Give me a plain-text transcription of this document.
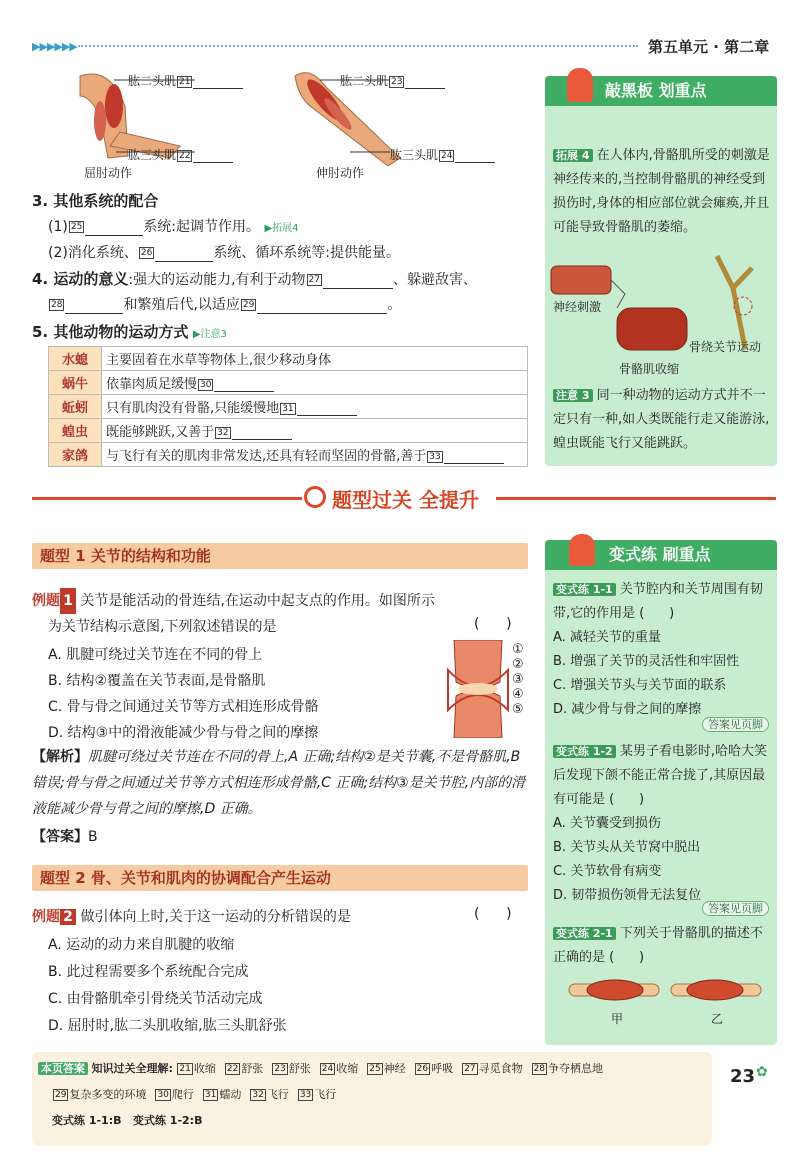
▶▶▶▶▶▶	第五单元 · 第二章
肱二头肌 21
肱三头肌 22
屈肘动作
肱二头肌 23
肱三头肌 24
伸肘动作
3. 其他系统的配合
(1) 25	系统:起调节作用。 ▶拓展4
(2)消化系统、 26	系统、循环系统等:提供能量。
4. 运动的意义:强大的运动能力,有利于动物 27	、躲避敌害、
28	和繁殖后代,以适应 29	。
5. 其他动物的运动方式 ▶注意3
水螅	主要固着在水草等物体上,很少移动身体
蜗牛	依靠肉质足缓慢 30
蚯蚓	只有肌肉没有骨骼,只能缓慢地 31
蝗虫	既能够跳跃,又善于 32
家鸽	与飞行有关的肌肉非常发达,还具有轻而坚固的骨骼,善于 33
敲黑板 划重点
拓展 4 在人体内,骨骼肌所受的刺激是神经传来的,当控制骨骼肌的神经受到损伤时,身体的相应部位就会瘫痪,并且可能导致骨骼肌的萎缩。
神经刺激
骨骼肌收缩
骨绕关节运动
注意 3 同一种动物的运动方式并不一定只有一种,如人类既能行走又能游泳,蝗虫既能飞行又能跳跃。
题型过关 全提升
题型 1 关节的结构和功能
例题 1 关节是能活动的骨连结,在运动中起支点的作用。如图所示
为关节结构示意图,下列叙述错误的是	(      )
A. 肌腱可绕过关节连在不同的骨上
B. 结构②覆盖在关节表面,是骨骼肌
C. 骨与骨之间通过关节等方式相连形成骨骼
D. 结构③中的滑液能减少骨与骨之间的摩擦
①
②
③
④
⑤
【解析】肌腱可绕过关节连在不同的骨上,A 正确;结构②是关节囊,不是骨骼肌,B 错误;骨与骨之间通过关节等方式相连形成骨骼,C 正确;结构③是关节腔,内部的滑液能减少骨与骨之间的摩擦,D 正确。
【答案】B
题型 2 骨、关节和肌肉的协调配合产生运动
例题 2 做引体向上时,关于这一运动的分析错误的是	(      )
A. 运动的动力来自肌腱的收缩
B. 此过程需要多个系统配合完成
C. 由骨骼肌牵引骨绕关节活动完成
D. 屈肘时,肱二头肌收缩,肱三头肌舒张
变式练 刷重点
变式练 1-1 关节腔内和关节周围有韧带,它的作用是 (      )
A. 减轻关节的重量
B. 增强了关节的灵活性和牢固性
C. 增强关节头与关节面的联系
D. 减少骨与骨之间的摩擦
答案见页脚
变式练 1-2 某男子看电影时,哈哈大笑后发现下颌不能正常合拢了,其原因最有可能是 (      )
A. 关节囊受到损伤
B. 关节头从关节窝中脱出
C. 关节软骨有病变
D. 韧带损伤领骨无法复位
答案见页脚
变式练 2-1 下列关于骨骼肌的描述不正确的是 (      )
甲	乙
本页答案 知识过关全理解: 21 收缩 22 舒张 23 舒张 24 收缩 25 神经 26 呼吸 27 寻觅食物 28 争夺栖息地
29 复杂多变的环境 30 爬行 31 蠕动 32 飞行 33 飞行
变式练 1-1:B   变式练 1-2:B
23 ✿
